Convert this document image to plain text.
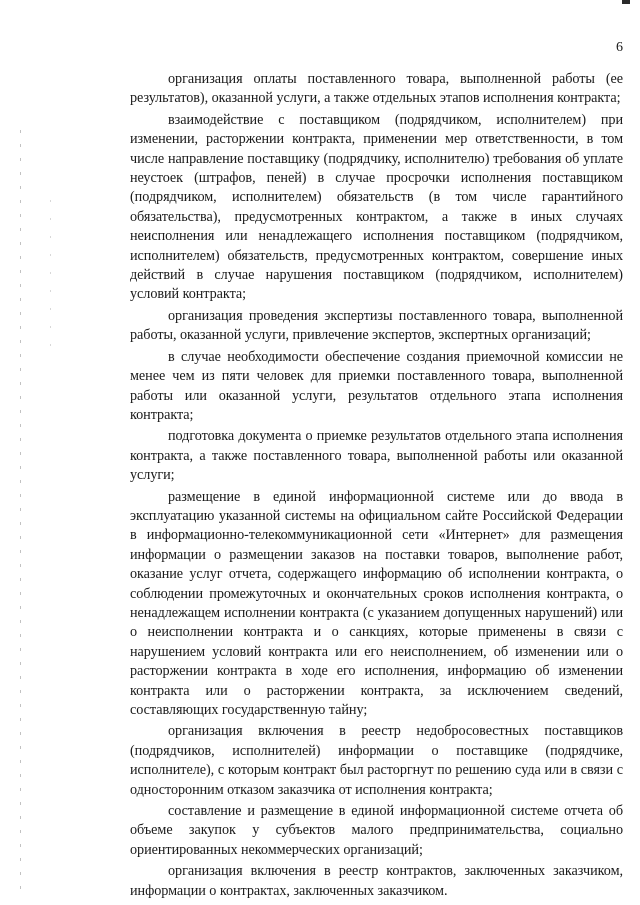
6

организация оплаты поставленного товара, выполненной работы (ее результатов), оказанной услуги, а также отдельных этапов исполнения контракта;

взаимодействие с поставщиком (подрядчиком, исполнителем) при изменении, расторжении контракта, применении мер ответственности, в том числе направление поставщику (подрядчику, исполнителю) требования об уплате неустоек (штрафов, пеней) в случае просрочки исполнения поставщиком (подрядчиком, исполнителем) обязательств (в том числе гарантийного обязательства), предусмотренных контрактом, а также в иных случаях неисполнения или ненадлежащего исполнения поставщиком (подрядчиком, исполнителем) обязательств, предусмотренных контрактом, совершение иных действий в случае нарушения поставщиком (подрядчиком, исполнителем) условий контракта;

организация проведения экспертизы поставленного товара, выполненной работы, оказанной услуги, привлечение экспертов, экспертных организаций;

в случае необходимости обеспечение создания приемочной комиссии не менее чем из пяти человек для приемки поставленного товара, выполненной работы или оказанной услуги, результатов отдельного этапа исполнения контракта;

подготовка документа о приемке результатов отдельного этапа исполнения контракта, а также поставленного товара, выполненной работы или оказанной услуги;

размещение в единой информационной системе или до ввода в эксплуатацию указанной системы на официальном сайте Российской Федерации в информационно-телекоммуникационной сети «Интернет» для размещения информации о размещении заказов на поставки товаров, выполнение работ, оказание услуг отчета, содержащего информацию об исполнении контракта, о соблюдении промежуточных и окончательных сроков исполнения контракта, о ненадлежащем исполнении контракта (с указанием допущенных нарушений) или о неисполнении контракта и о санкциях, которые применены в связи с нарушением условий контракта или его неисполнением, об изменении или о расторжении контракта в ходе его исполнения, информацию об изменении контракта или о расторжении контракта, за исключением сведений, составляющих государственную тайну;

организация включения в реестр недобросовестных поставщиков (подрядчиков, исполнителей) информации о поставщике (подрядчике, исполнителе), с которым контракт был расторгнут по решению суда или в связи с односторонним отказом заказчика от исполнения контракта;

составление и размещение в единой информационной системе отчета об объеме закупок у субъектов малого предпринимательства, социально ориентированных некоммерческих организаций;

организация включения в реестр контрактов, заключенных заказчиком, информации о контрактах, заключенных заказчиком.
